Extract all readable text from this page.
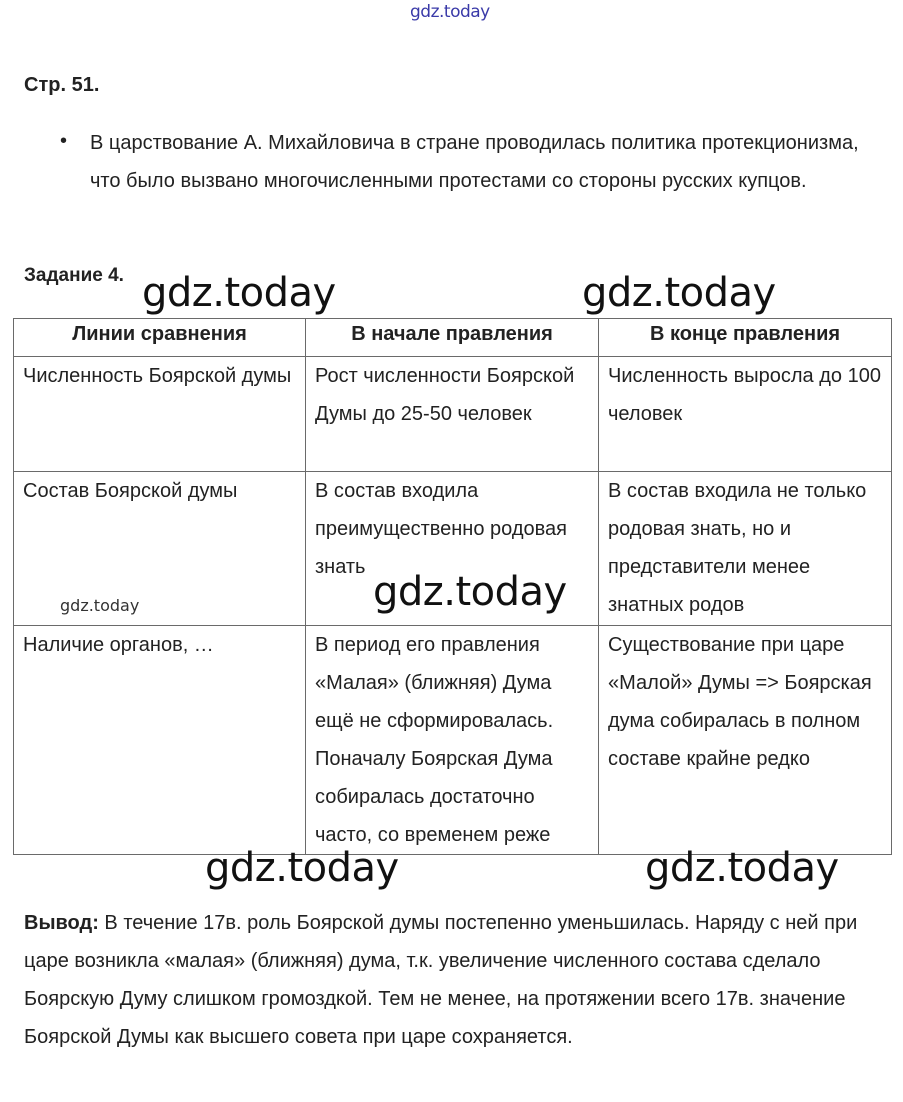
gdz.today
Стр. 51.
• В царствование А. Михайловича в стране проводилась политика протекционизма, что было вызвано многочисленными протестами со стороны русских купцов.
Задание 4.
Линии сравнения	В начале правления	В конце правления
Численность Боярской думы	Рост численности Боярской Думы до 25-50 человек	Численность выросла до 100 человек
Состав Боярской думы	В состав входила преимущественно родовая знать	В состав входила не только родовая знать, но и представители менее знатных родов
Наличие органов, …	В период его правления «Малая» (ближняя) Дума ещё не сформировалась. Поначалу Боярская Дума собиралась достаточно часто, со временем реже	Существование при царе «Малой» Думы => Боярская дума собиралась в полном составе крайне редко
Вывод: В течение 17в. роль Боярской думы постепенно уменьшилась. Наряду с ней при царе возникла «малая» (ближняя) дума, т.к. увеличение численного состава сделало Боярскую Думу слишком громоздкой. Тем не менее, на протяжении всего 17в. значение Боярской Думы как высшего совета при царе сохраняется.
gdz.today	gdz.today
gdz.today
gdz.today
gdz.today	gdz.today
